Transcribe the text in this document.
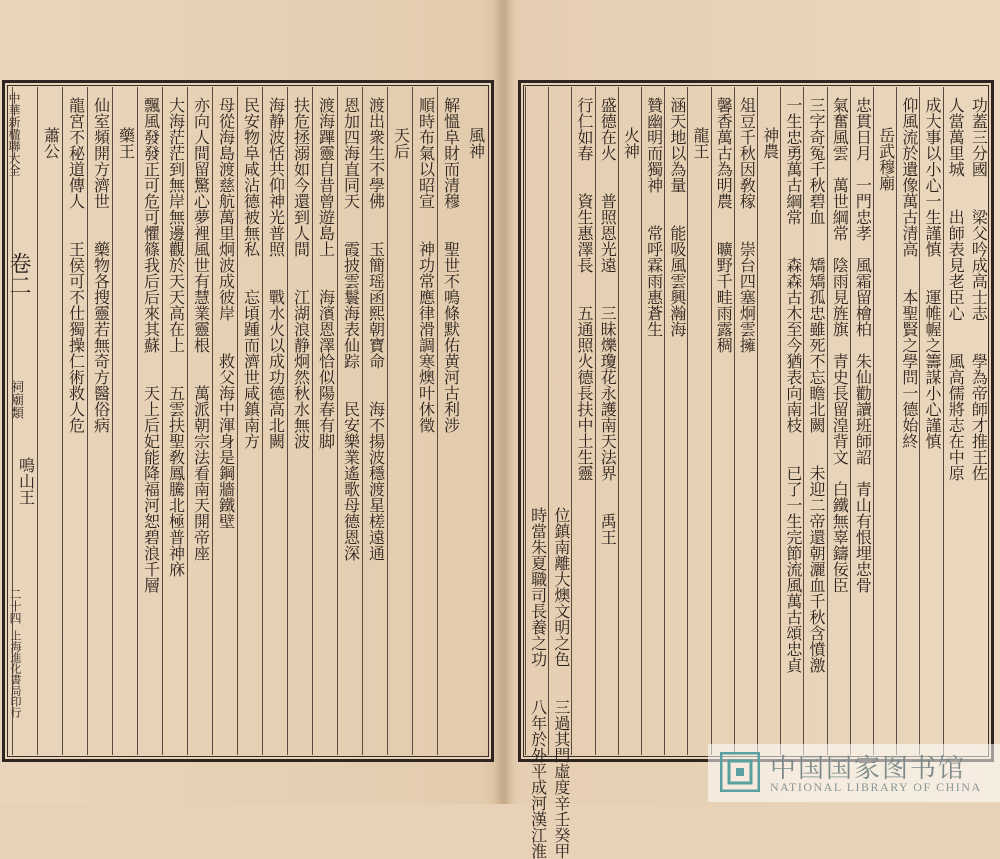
風神
解慍阜財而清穆　　聖世不鳴條默佑黄河古利涉
順時布氣以昭宣　　神功常應律滑調寒燠叶休徵
天后
渡出衆生不學佛　　玉簡瑶函熙朝寶命　　海不揚波穩渡星槎遠通
恩加四海直同天　　霞披雲鬟海表仙踪　　民安樂業遙歌母德恩深
渡海蹕靈自昔曾遊島上　　海濱恩澤恰似陽春有脚
扶危拯溺如今還到人間　　江湖浪静炯然秋水無波
海静波恬共仰神光普照　　戰水火以成功德高北闕
民安物阜咸沾德被無私　　忘頃踵而濟世咸鎮南方
母從海島渡慈航萬里炯波成彼岸　　救父海中渾身是鋼牆鐵壁
亦向人間留驚心夢裡風世有慧業靈根　　萬派朝宗法看南天開帝座
大海茫茫到無岸無邊觀於天天高在上　　五雲扶聖敎鳳騰北極普神庥
飄風發發正可危可懼篠我后后來其蘇　　天上后妃能降福河恕碧浪千層
藥王
仙室頻開方濟世　　藥物各搜靈若無奇方醫俗病
龍宮不秘道傳人　　王侯可不仕獨操仁術救人危
蕭公
鳴山王
中華新楹聯大全
卷二
祠廟類
二十四
上海進化書局印行
功蓋三分國　　梁父吟成高士志　　學為帝師才推王佐
人當萬里城　　出師表見老臣心　　風高儒將志在中原
成大事以小心一生謹慎　　運帷幄之籌謀小心謹慎
仰風流於遺像萬古清高　　本聖賢之學問一德始終
岳武穆廟
忠貫日月　一門忠孝　風霜留檜柏　朱仙勸讀班師詔　青山有恨埋忠骨
氣奮風雲　萬世綱常　陰雨見旌旗　青史長留湟背文　白鐵無辜鑄佞臣
三字奇冤千秋碧血　　矯矯孤忠雖死不忘瞻北闕　　未迎二帝還朝灑血千秋含憤激
一生忠勇萬古綱常　　森森古木至今猶表向南枝　　已了一生完節流風萬古頌忠貞
神農
俎豆千秋因敎稼　　崇台四塞炯雲擁
馨香萬古為明農　　曠野千畦雨露稠
龍王
涵天地以為量　　能吸風雲興瀚海
贊幽明而獨神　　常呼霖雨惠蒼生
火神
盛德在火　　普照恩光遠　　三昧爍瓊花永護南天法界　　禹王
行仁如春　　資生惠澤長　　五通照火德長扶中土生靈
位鎮南離大燠文明之色　　三過其門虛度辛壬癸甲
時當朱夏職司長養之功　　八年於外平成河漢江淮	中国国家图书馆
NATIONAL LIBRARY OF CHINA
